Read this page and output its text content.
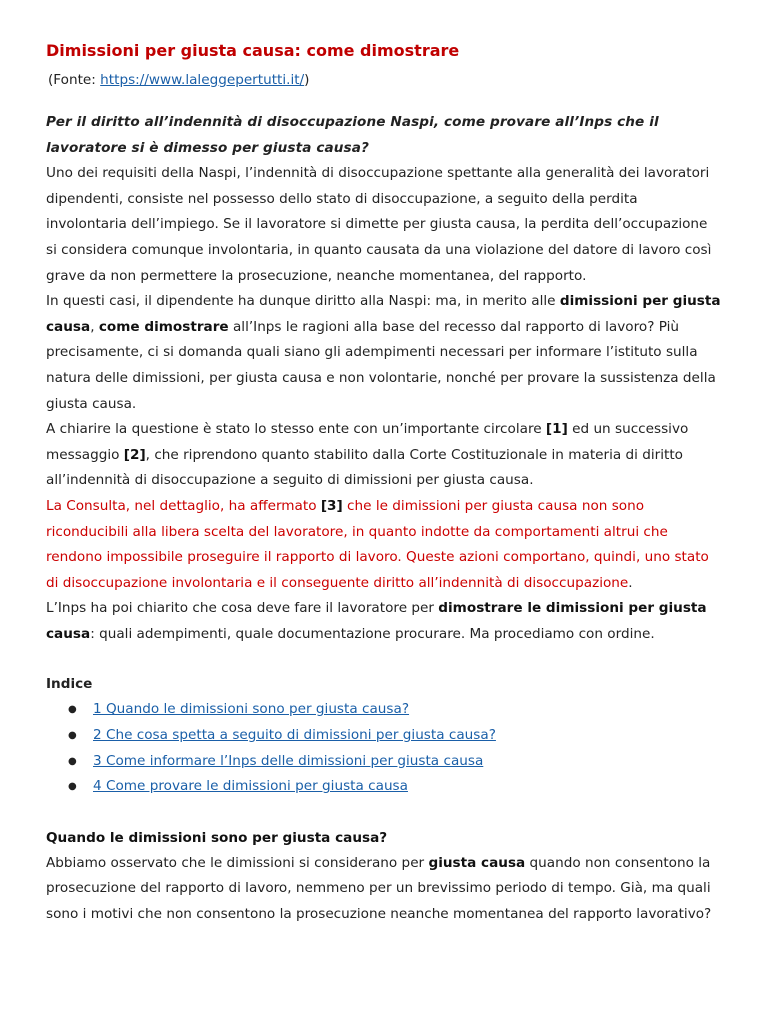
Dimissioni per giusta causa: come dimostrare

(Fonte: https://www.laleggepertutti.it/)

Per il diritto all’indennità di disoccupazione Naspi, come provare all’Inps che il lavoratore si è dimesso per giusta causa?

Uno dei requisiti della Naspi, l’indennità di disoccupazione spettante alla generalità dei lavoratori dipendenti, consiste nel possesso dello stato di disoccupazione, a seguito della perdita involontaria dell’impiego. Se il lavoratore si dimette per giusta causa, la perdita dell’occupazione si considera comunque involontaria, in quanto causata da una violazione del datore di lavoro così grave da non permettere la prosecuzione, neanche momentanea, del rapporto.

In questi casi, il dipendente ha dunque diritto alla Naspi: ma, in merito alle dimissioni per giusta causa, come dimostrare all’Inps le ragioni alla base del recesso dal rapporto di lavoro? Più precisamente, ci si domanda quali siano gli adempimenti necessari per informare l’istituto sulla natura delle dimissioni, per giusta causa e non volontarie, nonché per provare la sussistenza della giusta causa.

A chiarire la questione è stato lo stesso ente con un’importante circolare [1] ed un successivo messaggio [2], che riprendono quanto stabilito dalla Corte Costituzionale in materia di diritto all’indennità di disoccupazione a seguito di dimissioni per giusta causa.

La Consulta, nel dettaglio, ha affermato [3] che le dimissioni per giusta causa non sono riconducibili alla libera scelta del lavoratore, in quanto indotte da comportamenti altrui che rendono impossibile proseguire il rapporto di lavoro. Queste azioni comportano, quindi, uno stato di disoccupazione involontaria e il conseguente diritto all’indennità di disoccupazione.

L’Inps ha poi chiarito che cosa deve fare il lavoratore per dimostrare le dimissioni per giusta causa: quali adempimenti, quale documentazione procurare. Ma procediamo con ordine.

Indice
● 1 Quando le dimissioni sono per giusta causa?
● 2 Che cosa spetta a seguito di dimissioni per giusta causa?
● 3 Come informare l’Inps delle dimissioni per giusta causa
● 4 Come provare le dimissioni per giusta causa
Quando le dimissioni sono per giusta causa?

Abbiamo osservato che le dimissioni si considerano per giusta causa quando non consentono la prosecuzione del rapporto di lavoro, nemmeno per un brevissimo periodo di tempo. Già, ma quali sono i motivi che non consentono la prosecuzione neanche momentanea del rapporto lavorativo?
